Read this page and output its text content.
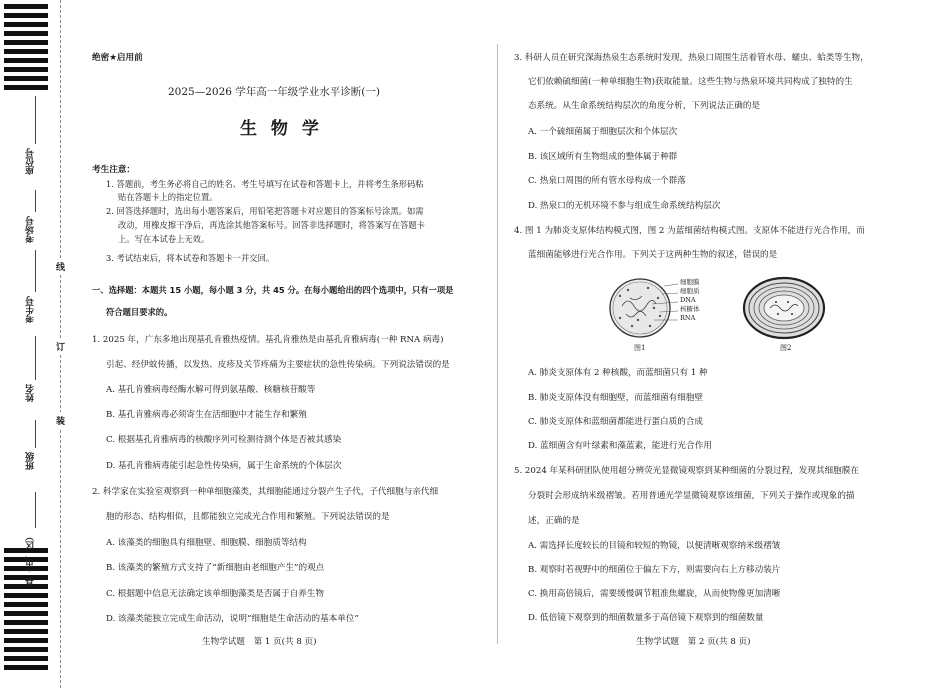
座位号
考场号
考生号
姓名
班级
县（市、区）
线
订
装
绝密★启用前
2025—2026 学年高一年级学业水平诊断(一)
生 物 学
考生注意：
1. 答题前，考生务必将自己的姓名、考生号填写在试卷和答题卡上，并将考生条形码粘
贴在答题卡上的指定位置。
2. 回答选择题时，选出每小题答案后，用铅笔把答题卡对应题目的答案标号涂黑。如需
改动，用橡皮擦干净后，再选涂其他答案标号。回答非选择题时，将答案写在答题卡
上。写在本试卷上无效。
3. 考试结束后，将本试卷和答题卡一并交回。
一、选择题：本题共 15 小题，每小题 3 分，共 45 分。在每小题给出的四个选项中，只有一项是
符合题目要求的。
1. 2025 年，广东多地出现基孔肯雅热疫情。基孔肯雅热是由基孔肯雅病毒(一种 RNA 病毒)
引起、经伊蚊传播，以发热、皮疹及关节疼痛为主要症状的急性传染病。下列说法错误的是
A. 基孔肯雅病毒经酶水解可得到氨基酸、核糖核苷酸等
B. 基孔肯雅病毒必须寄生在活细胞中才能生存和繁殖
C. 根据基孔肯雅病毒的核酸序列可检测待测个体是否被其感染
D. 基孔肯雅病毒能引起急性传染病，属于生命系统的个体层次
2. 科学家在实验室观察到一种单细胞藻类，其细胞能通过分裂产生子代，子代细胞与亲代细
胞的形态、结构相似，且都能独立完成光合作用和繁殖。下列说法错误的是
A. 该藻类的细胞具有细胞壁、细胞膜、细胞质等结构
B. 该藻类的繁殖方式支持了“新细胞由老细胞产生”的观点
C. 根据题中信息无法确定该单细胞藻类是否属于自养生物
D. 该藻类能独立完成生命活动，说明“细胞是生命活动的基本单位”
生物学试题　第 1 页(共 8 页)
3. 科研人员在研究深海热泉生态系统时发现，热泉口周围生活着管水母、蠕虫、蛤类等生物，
它们依赖硫细菌(一种单细胞生物)获取能量。这些生物与热泉环境共同构成了独特的生
态系统。从生命系统结构层次的角度分析，下列说法正确的是
A. 一个硫细菌属于细胞层次和个体层次
B. 该区域所有生物组成的整体属于种群
C. 热泉口周围的所有管水母构成一个群落
D. 热泉口的无机环境不参与组成生命系统结构层次
4. 图 1 为肺炎支原体结构模式图，图 2 为蓝细菌结构模式图。支原体不能进行光合作用，而
蓝细菌能够进行光合作用。下列关于这两种生物的叙述，错误的是
细胞膜
细胞质
DNA
核糖体
RNA
图1	图2
A. 肺炎支原体有 2 种核酸，而蓝细菌只有 1 种
B. 肺炎支原体没有细胞壁，而蓝细菌有细胞壁
C. 肺炎支原体和蓝细菌都能进行蛋白质的合成
D. 蓝细菌含有叶绿素和藻蓝素，能进行光合作用
5. 2024 年某科研团队使用超分辨荧光显微镜观察到某种细菌的分裂过程，发现其细胞膜在
分裂时会形成纳米级褶皱。若用普通光学显微镜观察该细菌，下列关于操作或现象的描
述，正确的是
A. 需选择长度较长的目镜和较短的物镜，以便清晰观察纳米级褶皱
B. 观察时若视野中的细菌位于偏左下方，则需要向右上方移动装片
C. 换用高倍镜后，需要缓慢调节粗准焦螺旋，从而使物像更加清晰
D. 低倍镜下观察到的细菌数量多于高倍镜下观察到的细菌数量
生物学试题　第 2 页(共 8 页)
